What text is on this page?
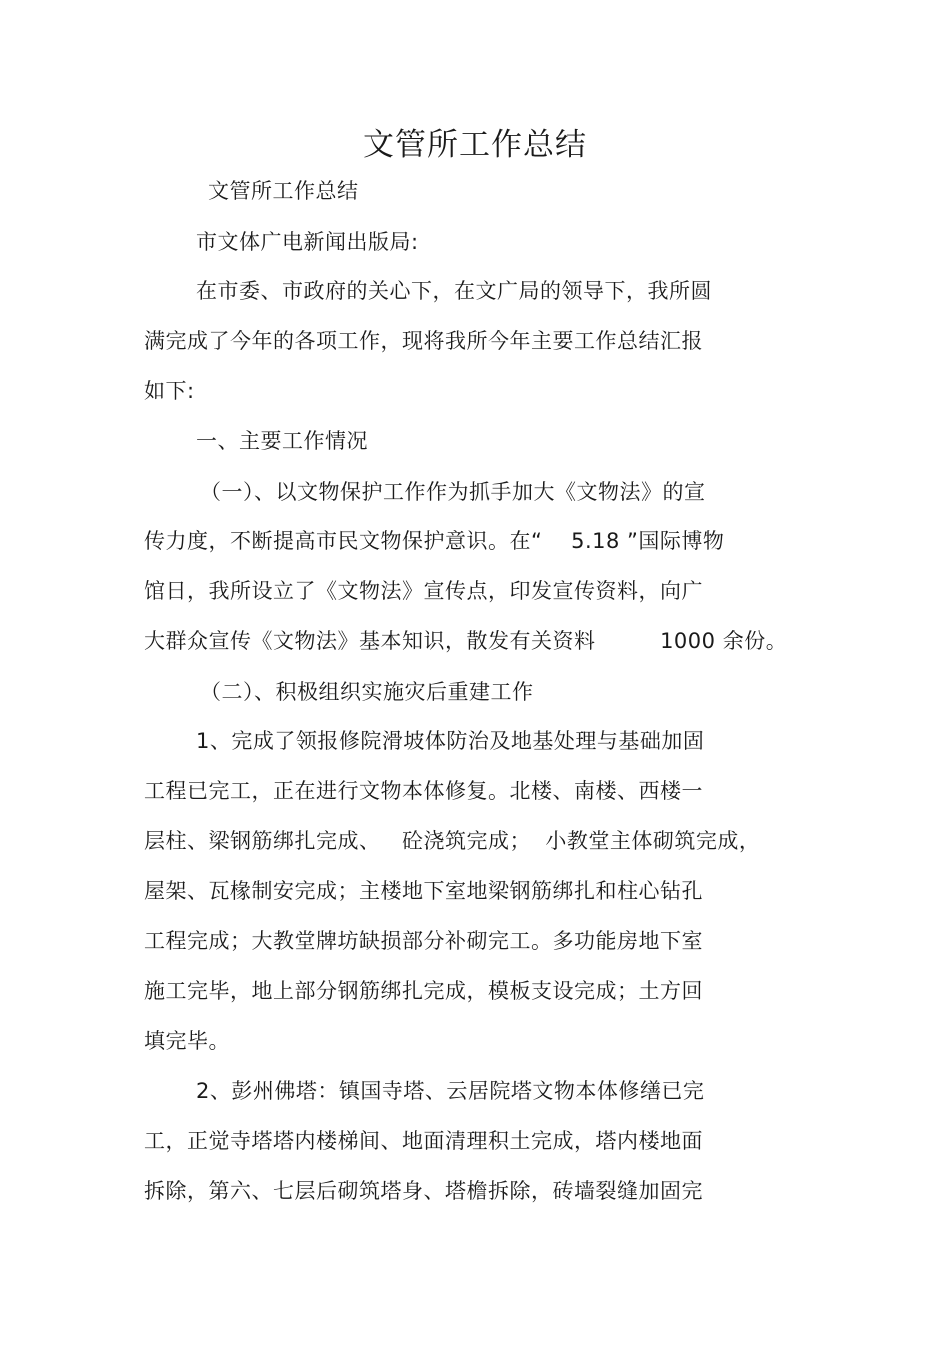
文管所工作总结
文管所工作总结
市文体广电新闻出版局:
在市委、市政府的关心下，在文广局的领导下，我所圆
满完成了今年的各项工作，现将我所今年主要工作总结汇报
如下:
一、主要工作情况
（一）、以文物保护工作作为抓手加大《文物法》的宣
传力度，不断提高市民文物保护意识。在“    5.18 ”国际博物
馆日，我所设立了《文物法》宣传点，印发宣传资料，向广
大群众宣传《文物法》基本知识，散发有关资料         1000 余份。
（二）、积极组织实施灾后重建工作
1、完成了领报修院滑坡体防治及地基处理与基础加固
工程已完工，正在进行文物本体修复。北楼、南楼、西楼一
层柱、梁钢筋绑扎完成、   砼浇筑完成；  小教堂主体砌筑完成，
屋架、瓦椽制安完成；主楼地下室地梁钢筋绑扎和柱心钻孔
工程完成；大教堂牌坊缺损部分补砌完工。多功能房地下室
施工完毕，地上部分钢筋绑扎完成，模板支设完成；土方回
填完毕。
2、彭州佛塔：镇国寺塔、云居院塔文物本体修缮已完
工，正觉寺塔塔内楼梯间、地面清理积土完成，塔内楼地面
拆除，第六、七层后砌筑塔身、塔檐拆除，砖墙裂缝加固完
